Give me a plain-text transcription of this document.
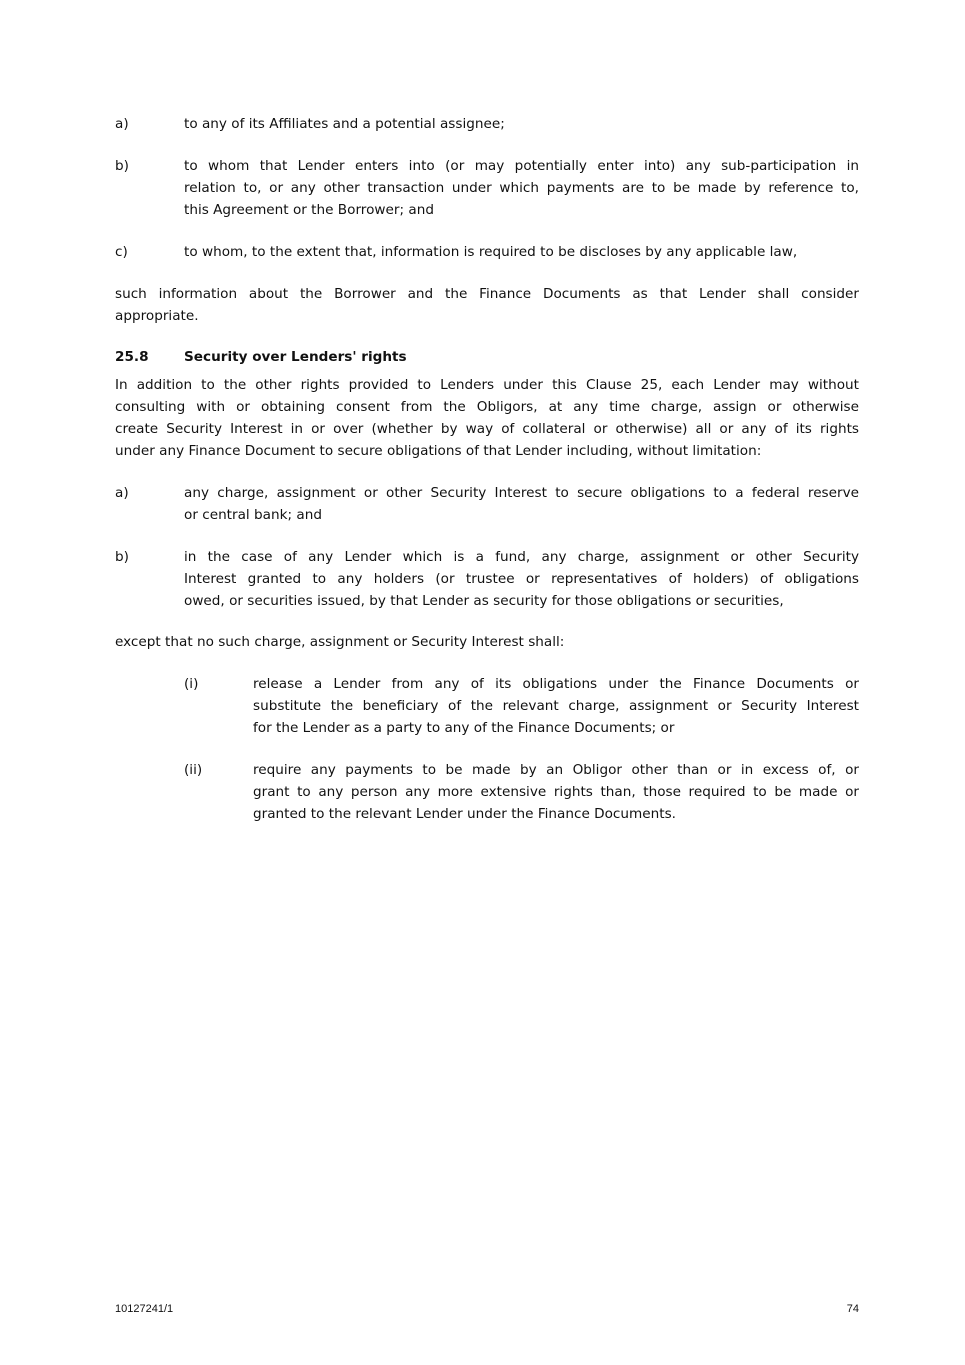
a)	to any of its Affiliates and a potential assignee;
b)	to whom that Lender enters into (or may potentially enter into) any sub-participation in
relation to, or any other transaction under which payments are to be made by reference to,
this Agreement or the Borrower; and
c)	to whom, to the extent that, information is required to be discloses by any applicable law,
such information about the Borrower and the Finance Documents as that Lender shall consider
appropriate.
25.8	Security over Lenders' rights
In addition to the other rights provided to Lenders under this Clause 25, each Lender may without
consulting with or obtaining consent from the Obligors, at any time charge, assign or otherwise
create Security Interest in or over (whether by way of collateral or otherwise) all or any of its rights
under any Finance Document to secure obligations of that Lender including, without limitation:
a)	any charge, assignment or other Security Interest to secure obligations to a federal reserve
or central bank; and
b)	in the case of any Lender which is a fund, any charge, assignment or other Security
Interest granted to any holders (or trustee or representatives of holders) of obligations
owed, or securities issued, by that Lender as security for those obligations or securities,
except that no such charge, assignment or Security Interest shall:
(i)	release a Lender from any of its obligations under the Finance Documents or
substitute the beneficiary of the relevant charge, assignment or Security Interest
for the Lender as a party to any of the Finance Documents; or
(ii)	require any payments to be made by an Obligor other than or in excess of, or
grant to any person any more extensive rights than, those required to be made or
granted to the relevant Lender under the Finance Documents.
10127241/1	74
